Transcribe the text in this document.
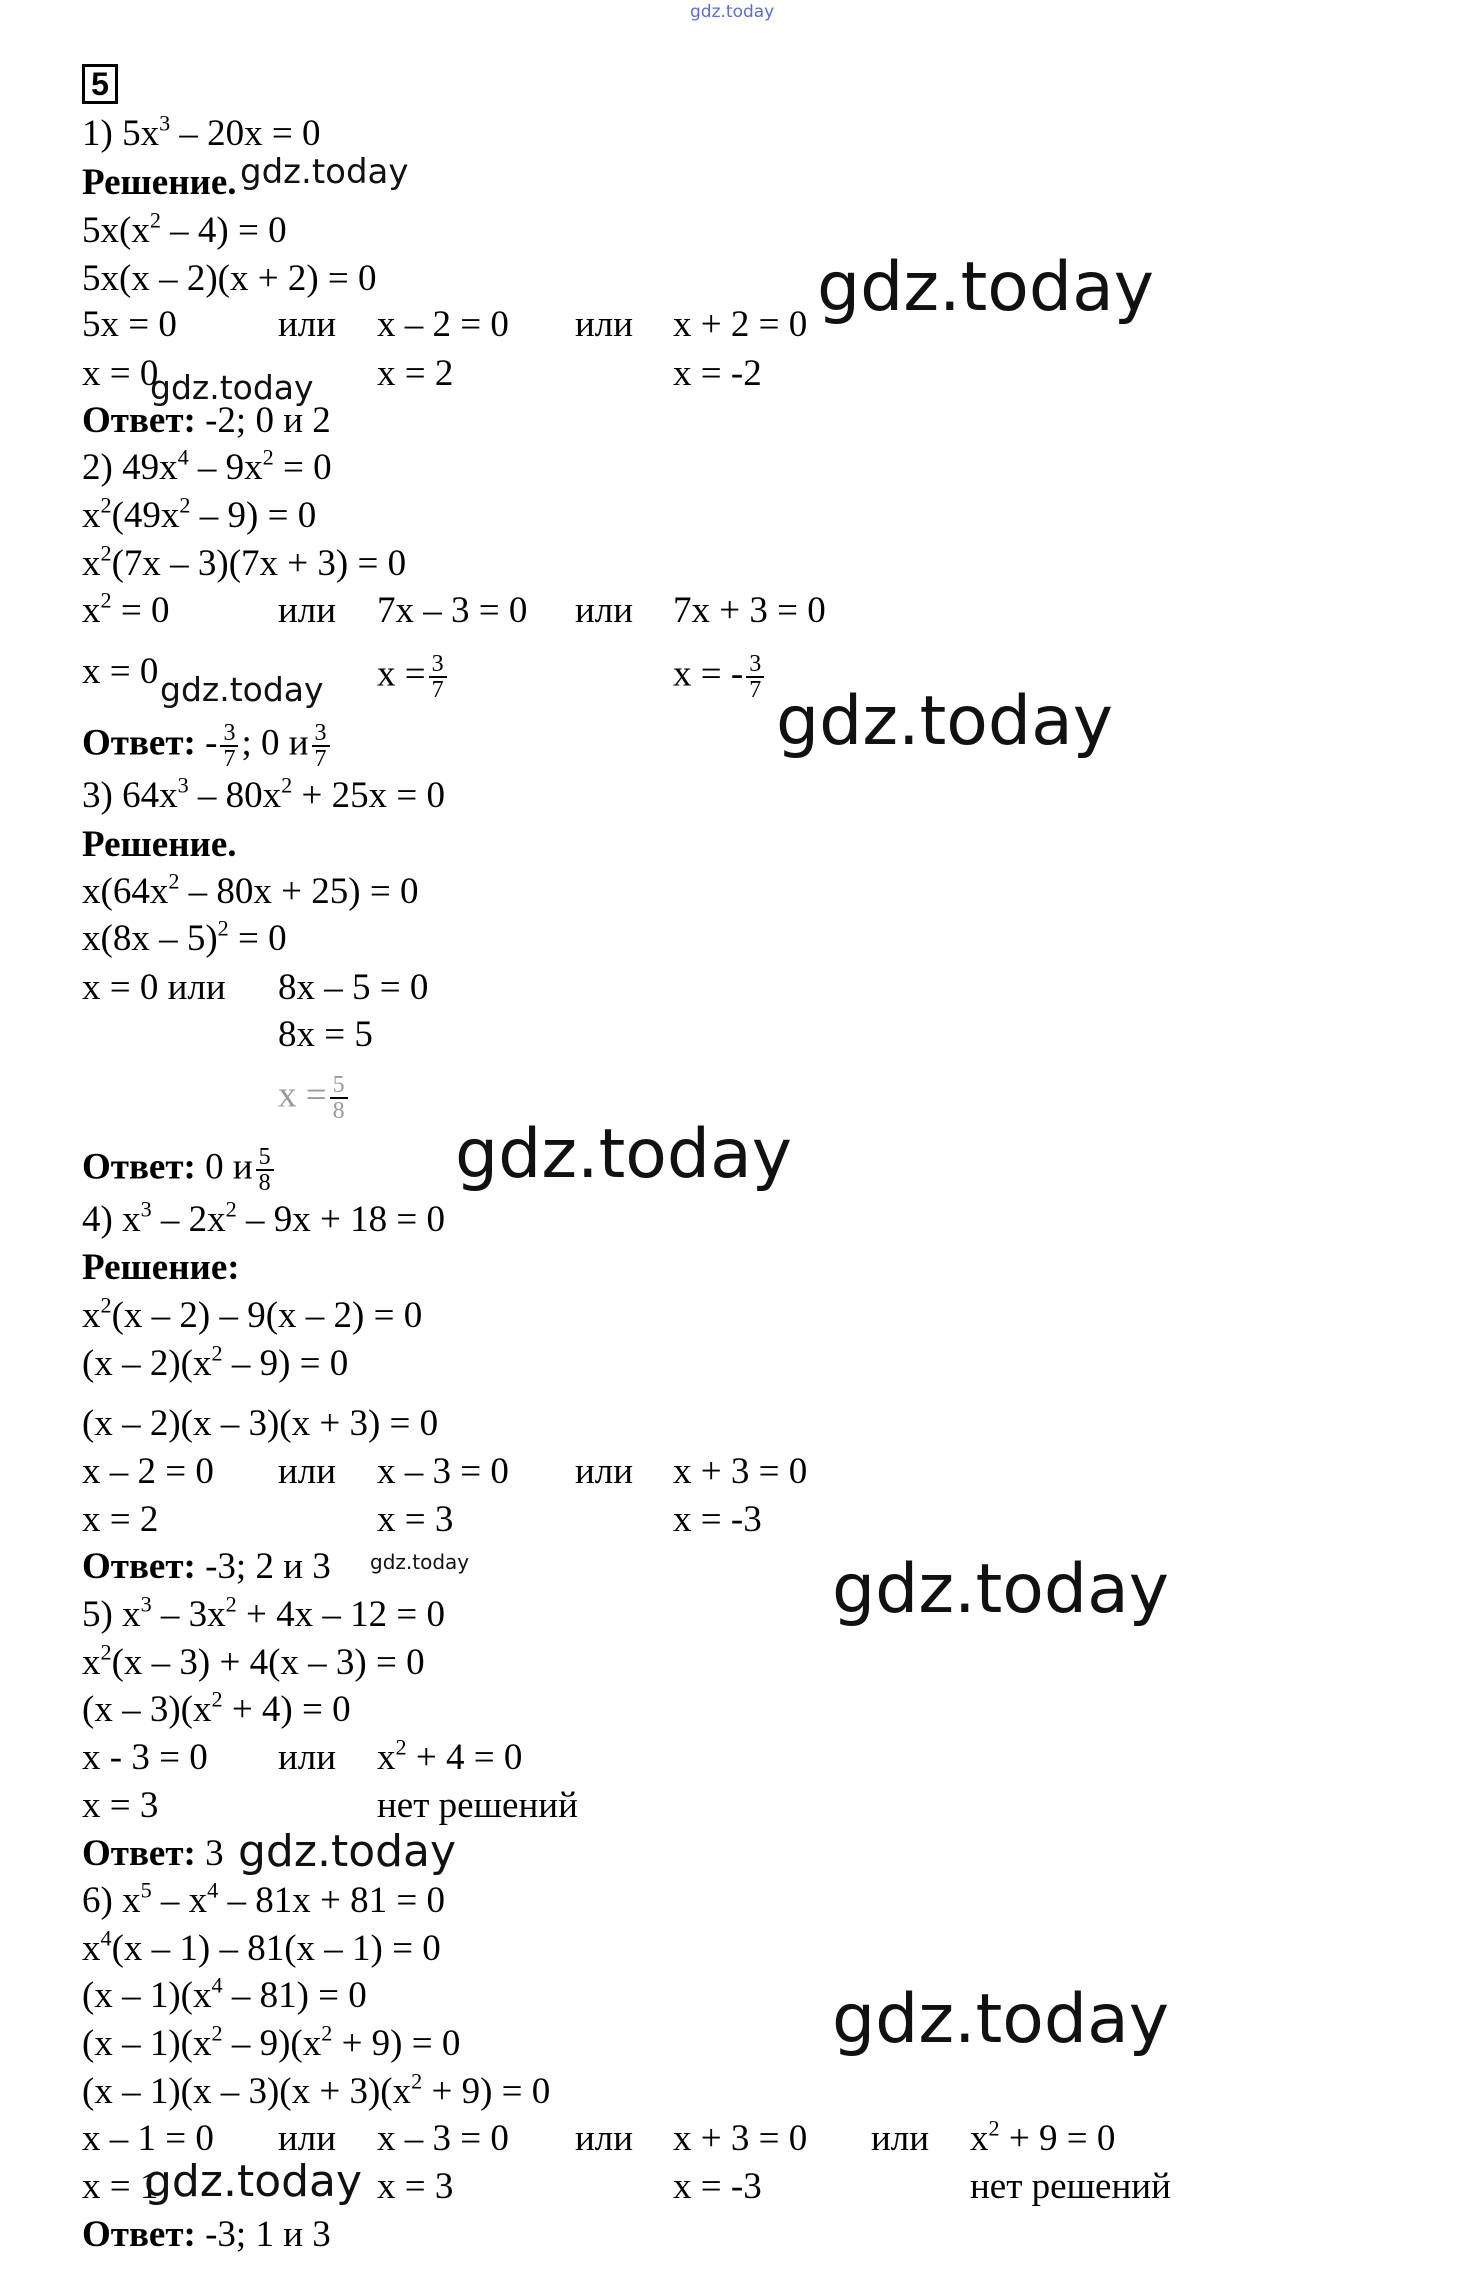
gdz.today
5
1) $5x^3 - 20x = 0$
Решение.
$5x(x^2 - 4) = 0$
5x(x – 2)(x + 2) = 0
5x = 0	или x – 2 = 0 или x + 2 = 0
x = 0	x = 2	x = -2
Ответ: -2; 0 и 2
2) $49x^4 - 9x^2 = 0$
$x^2(49x^2 - 9) = 0$
$x^2(7x - 3)(7x + 3) = 0$
$x^2 = 0$	или 7x – 3 = 0 или 7x + 3 = 0
x = 0	$x = \frac{3}{7}$	x = - $\frac{3}{7}$
Ответ: - $\frac{3}{7}$ ; 0 и $\frac{3}{7}$
3) $64x^3 - 80x^2 + 25x = 0$
Решение.
$x(64x^2 - 80x + 25) = 0$
x(8x – 5)$^2$ = 0
x = 0 или 8x – 5 = 0
8x = 5
$x = \frac{5}{8}$
Ответ: 0 и $\frac{5}{8}$
4) $x^3 - 2x^2 - 9x + 18 = 0$
Решение:
$x^2(x - 2) - 9(x - 2) = 0$
$(x - 2)(x^2 - 9) = 0$
(x – 2)(x – 3)(x + 3) = 0
x – 2 = 0 или x – 3 = 0 или x + 3 = 0
x = 2	x = 3	x = -3
Ответ: -3; 2 и 3
5) $x^3 - 3x^2 + 4x - 12 = 0$
$x^2(x - 3) + 4(x - 3) = 0$
$(x - 3)(x^2 + 4) = 0$
x - 3 = 0 или $x^2 + 4 = 0$
x = 3	нет решений
Ответ: 3
6) $x^5 - x^4 - 81x + 81 = 0$
$x^4(x - 1) - 81(x - 1) = 0$
$(x - 1)(x^4 - 81) = 0$
$(x - 1)(x^2 - 9)(x^2 + 9) = 0$
$(x - 1)(x - 3)(x + 3)(x^2 + 9) = 0$
x – 1 = 0 или x – 3 = 0 или x + 3 = 0 или $x^2 + 9 = 0$
x = 1	x = 3	x = -3	нет решений
Ответ: -3; 1 и 3
gdz.today
gdz.today
gdz.today
gdz.today	gdz.today
gdz.today
gdz.today	gdz.today
gdz.today
gdz.today
gdz.today
